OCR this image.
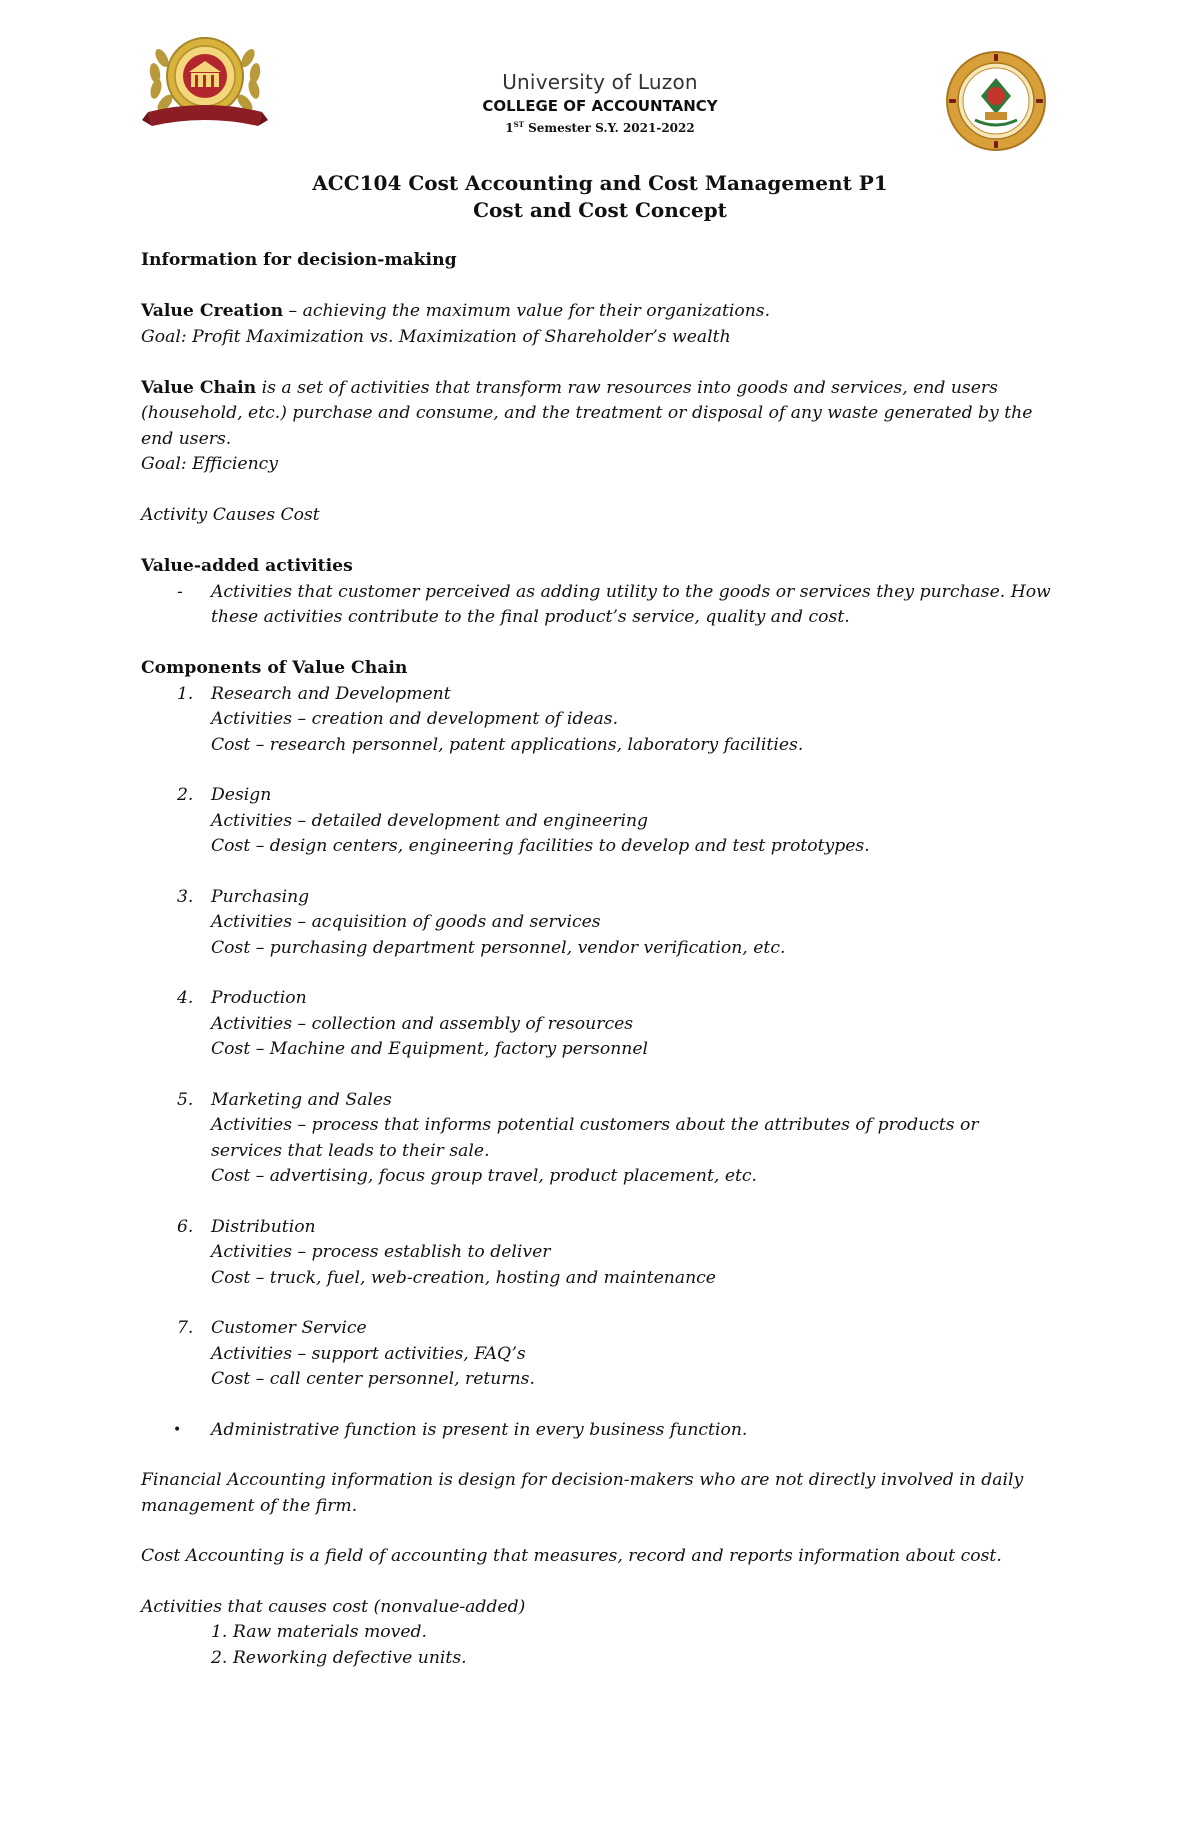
University of Luzon
COLLEGE OF ACCOUNTANCY
1ST Semester S.Y. 2021-2022
ACC104 Cost Accounting and Cost Management P1
Cost and Cost Concept

Information for decision-making

Value Creation – achieving the maximum value for their organizations.

Goal: Profit Maximization vs. Maximization of Shareholder’s wealth

Value Chain is a set of activities that transform raw resources into goods and services, end users

(household, etc.) purchase and consume, and the treatment or disposal of any waste generated by the

end users.

Goal: Efficiency

Activity Causes Cost

Value-added activities

- Activities that customer perceived as adding utility to the goods or services they purchase. How

these activities contribute to the final product’s service, quality and cost.

Components of Value Chain

1. Research and Development

Activities – creation and development of ideas.

Cost – research personnel, patent applications, laboratory facilities.

2. Design

Activities – detailed development and engineering

Cost – design centers, engineering facilities to develop and test prototypes.

3. Purchasing

Activities – acquisition of goods and services

Cost – purchasing department personnel, vendor verification, etc.

4. Production

Activities – collection and assembly of resources

Cost – Machine and Equipment, factory personnel

5. Marketing and Sales

Activities – process that informs potential customers about the attributes of products or

services that leads to their sale.

Cost – advertising, focus group travel, product placement, etc.

6. Distribution

Activities – process establish to deliver

Cost – truck, fuel, web-creation, hosting and maintenance

7. Customer Service

Activities – support activities, FAQ’s

Cost – call center personnel, returns.

• Administrative function is present in every business function.

Financial Accounting information is design for decision-makers who are not directly involved in daily

management of the firm.

Cost Accounting is a field of accounting that measures, record and reports information about cost.

Activities that causes cost (nonvalue-added)

1. Raw materials moved.

2. Reworking defective units.
